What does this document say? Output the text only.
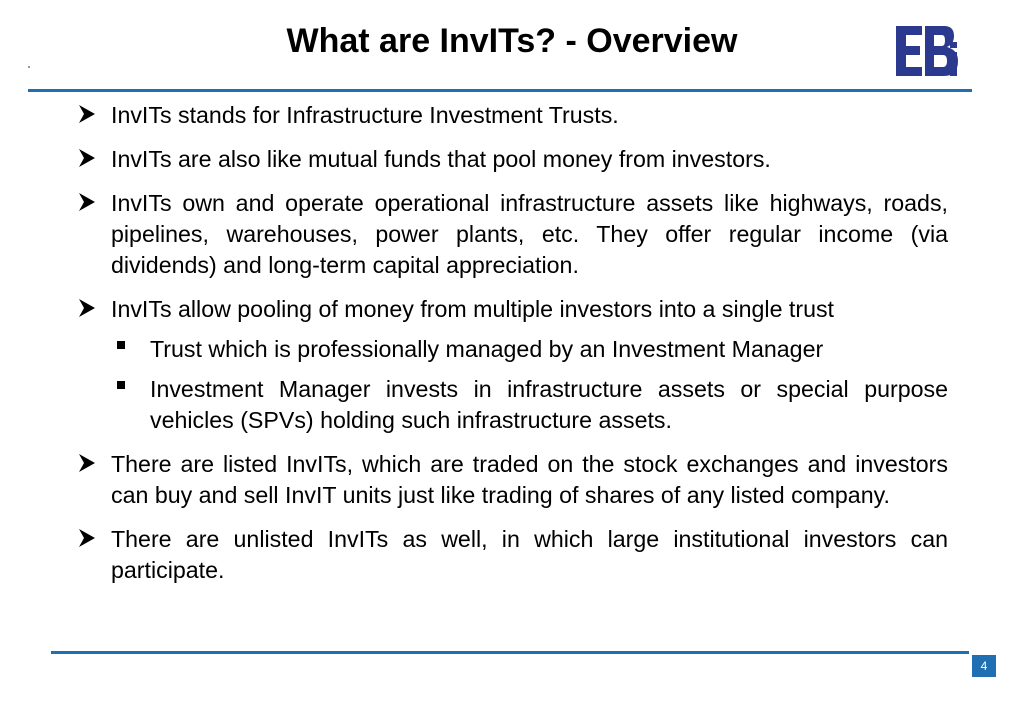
What are InvITs? - Overview
InvITs stands for Infrastructure Investment Trusts.
InvITs are also like mutual funds that pool money from investors.
InvITs own and operate operational infrastructure assets like highways, roads, pipelines, warehouses, power plants, etc. They offer regular income (via dividends) and long-term capital appreciation.
InvITs allow pooling of money from multiple investors into a single trust
Trust which is professionally managed by an Investment Manager
Investment Manager invests in infrastructure assets or special purpose vehicles (SPVs) holding such infrastructure assets.
There are listed InvITs, which are traded on the stock exchanges and investors can buy and sell InvIT units just like trading of shares of any listed company.
There are unlisted InvITs as well, in which large institutional investors can participate.
4
